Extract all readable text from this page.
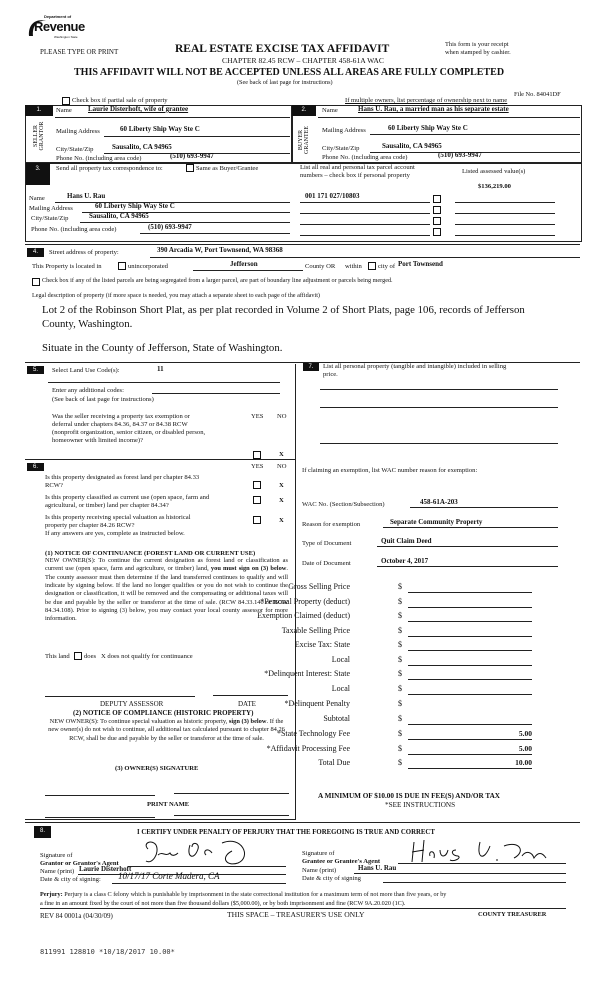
Department of
Revenue
Washington State
PLEASE TYPE OR PRINT	REAL ESTATE EXCISE TAX AFFIDAVIT
CHAPTER 82.45 RCW – CHAPTER 458-61A WAC
This form is your receipt
when stamped by cashier.
THIS AFFIDAVIT WILL NOT BE ACCEPTED UNLESS ALL AREAS ARE FULLY COMPLETED
(See back of last page for instructions)
File No. 84041DF
Check box if partial sale of property	If multiple owners, list percentage of ownership next to name
1.
SELLER
GRANTOR
Name Laurie Disterhoft, wife of grantee
Mailing Address	60 Liberty Ship Way Ste C
City/State/Zip	Sausalito, CA 94965
Phone No. (including area code)	(510) 693-9947
2.
BUYER
GRANTEE
Name	Hans U. Rau, a married man as his separate estate
Mailing Address	60 Liberty Ship Way Ste C
City/State/Zip	Sausalito, CA 94965
Phone No. (including area code)	(510) 693-9947
3.	Send all property tax correspondence to:	Same as Buyer/Grantee
Name	Hans U. Rau
Mailing Address	60 Liberty Ship Way Ste C
City/State/Zip	Sausalito, CA 94965
Phone No. (including area code)	(510) 693-9947
List all real and personal tax parcel account
numbers – check box if personal property
Listed assessed value(s)
001 171 027/10803
$136,219.00
4.	Street address of property:	390 Arcadia W, Port Townsend, WA 98368
This Property is located in	unincorporated	Jefferson	County OR within city of Port Townsend
Check box if any of the listed parcels are being segregated from a larger parcel, are part of boundary line adjustment or parcels being merged.
Legal description of property (if more space is needed, you may attach a separate sheet to each page of the affidavit)
Lot 2 of the Robinson Short Plat, as per plat recorded in Volume 2 of Short Plats, page 106, records of Jefferson
County, Washington.
Situate in the County of Jefferson, State of Washington.
5.	Select Land Use Code(s):	11
Enter any additional codes:
(See back of last page for instructions)
Was the seller receiving a property tax exemption or
deferral under chapters 84.36, 84.37 or 84.38 RCW
(nonprofit organization, senior citizen, or disabled person,
homeowner with limited income)?
YES NO
X
6.	YES NO
Is this property designated as forest land per chapter 84.33
RCW?	X
Is this property classified as current use (open space, farm and
agricultural, or timber) land per chapter 84.34?
X
Is this property receiving special valuation as historical
property per chapter 84.26 RCW?
X
If any answers are yes, complete as instructed below.
(1) NOTICE OF CONTINUANCE (FOREST LAND OR CURRENT USE)
NEW OWNER(S): To continue the current designation as forest land or classification as current use (open space, farm and agriculture, or timber) land, you must sign on (3) below. The county assessor must then determine if the land transferred continues to qualify and will indicate by signing below. If the land no longer qualifies or you do not wish to continue the designation or classification, it will be removed and the compensating or additional taxes will be due and payable by the seller or transferor at the time of sale. (RCW 84.33.140 or RCW 84.34.108). Prior to signing (3) below, you may contact your local county assessor for more information.
This land does X does not qualify for continuance
DEPUTY ASSESSOR	DATE
(2) NOTICE OF COMPLIANCE (HISTORIC PROPERTY)
NEW OWNER(S): To continue special valuation as historic property, sign (3) below. If the new owner(s) do not wish to continue, all additional tax calculated pursuant to chapter 84.26 RCW, shall be due and payable by the seller or transferor at the time of sale.
(3) OWNER(S) SIGNATURE
PRINT NAME
7.	List all personal property (tangible and intangible) included in selling
price.
If claiming an exemption, list WAC number reason for exemption:
WAC No. (Section/Subsection)	458-61A-203
Reason for exemption	Separate Community Property
Type of Document	Quit Claim Deed
Date of Document	October 4, 2017
Gross Selling Price	$
*Personal Property (deduct)	$
Exemption Claimed (deduct)	$
Taxable Selling Price	$
Excise Tax: State	$
Local	$
*Delinquent Interest: State	$
Local	$
*Delinquent Penalty	$
Subtotal	$
*State Technology Fee	$	5.00
*Affidavit Processing Fee	$	5.00
Total Due	$	10.00
A MINIMUM OF $10.00 IS DUE IN FEE(S) AND/OR TAX
*SEE INSTRUCTIONS
8.	I CERTIFY UNDER PENALTY OF PERJURY THAT THE FOREGOING IS TRUE AND CORRECT
Signature of
Grantor or Grantor's Agent
Name (print) Laurie Disterhoft
Date & city of signing: 10/17/17 Corte Madera, CA
Signature of
Grantee or Grantee's Agent
Name (print)	Hans U. Rau
Date & city of signing
Perjury: Perjury is a class C felony which is punishable by imprisonment in the state correctional institution for a maximum term of not more than five years, or by
a fine in an amount fixed by the court of not more than five thousand dollars ($5,000.00), or by both imprisonment and fine (RCW 9A.20.020 (1C).
REV 84 0001a (04/30/09)	THIS SPACE – TREASURER'S USE ONLY	COUNTY TREASURER
811991 128810 *10/18/2017 10.00*
